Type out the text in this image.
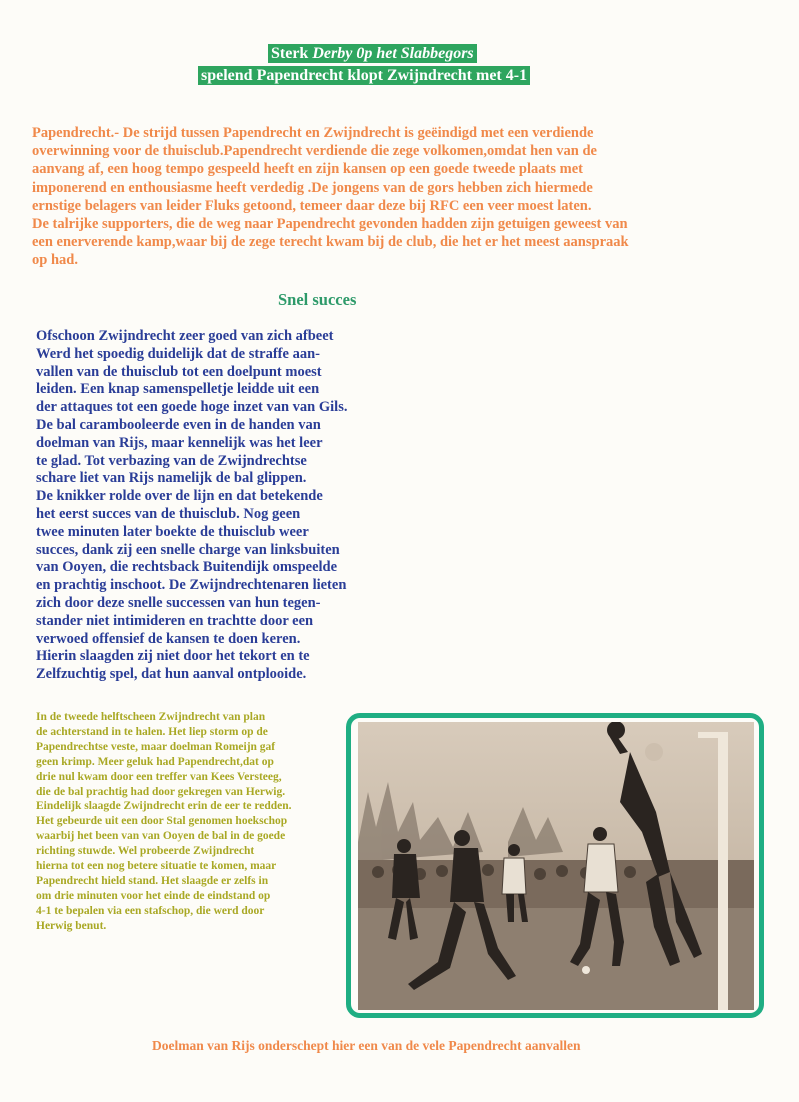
Sterk Derby 0p het Slabbegors
spelend Papendrecht klopt Zwijndrecht met 4-1
Papendrecht.- De strijd tussen Papendrecht en Zwijndrecht is geëindigd met een verdiende
overwinning voor de thuisclub.Papendrecht verdiende die zege volkomen,omdat hen van de
aanvang af, een hoog tempo gespeeld heeft en zijn kansen op een goede tweede plaats met
imponerend en enthousiasme heeft verdedig .De jongens van de gors hebben zich hiermede
ernstige belagers van leider Fluks getoond, temeer daar deze bij RFC een veer moest laten.
De talrijke supporters, die de weg naar Papendrecht gevonden hadden zijn getuigen geweest van
een enerverende kamp,waar bij de zege terecht kwam bij de club, die het er het meest aanspraak
op had.
Snel succes
Ofschoon Zwijndrecht zeer goed van zich afbeet
Werd het spoedig duidelijk dat de straffe aan-
vallen van de thuisclub tot een doelpunt moest
leiden. Een knap samenspelletje leidde uit een
der attaques tot een goede hoge inzet van van Gils.
De bal carambooleerde even in de handen van
doelman van Rijs, maar kennelijk was het leer
te glad. Tot verbazing van de Zwijndrechtse
schare liet van Rijs namelijk de bal glippen.
De knikker rolde over de lijn en dat betekende
het eerst succes van de thuisclub. Nog geen
twee minuten later boekte de thuisclub weer
succes, dank zij een snelle charge van linksbuiten
van Ooyen, die rechtsback Buitendijk omspeelde
en prachtig inschoot. De Zwijndrechtenaren lieten
zich door deze snelle successen van hun tegen-
stander niet intimideren en trachtte door een
verwoed offensief de kansen te doen keren.
Hierin slaagden zij niet door het tekort en te
Zelfzuchtig spel, dat hun aanval ontplooide.
In de tweede helftscheen Zwijndrecht van plan
de achterstand in te halen. Het liep storm op de
Papendrechtse veste, maar doelman Romeijn gaf
geen krimp. Meer geluk had Papendrecht,dat op
drie nul kwam door een treffer van Kees Versteeg,
die de bal prachtig had door gekregen van Herwig.
Eindelijk slaagde Zwijndrecht erin de eer te redden.
Het gebeurde uit een door Stal genomen hoekschop
waarbij het been van van Ooyen de bal in de goede
richting stuwde. Wel probeerde Zwijndrecht
hierna tot een nog betere situatie te komen, maar
Papendrecht hield stand. Het slaagde er zelfs in
om drie minuten voor het einde de eindstand op
4-1 te bepalen via een stafschop, die werd door
Herwig benut.
Doelman van Rijs onderschept hier een van de vele Papendrecht aanvallen
